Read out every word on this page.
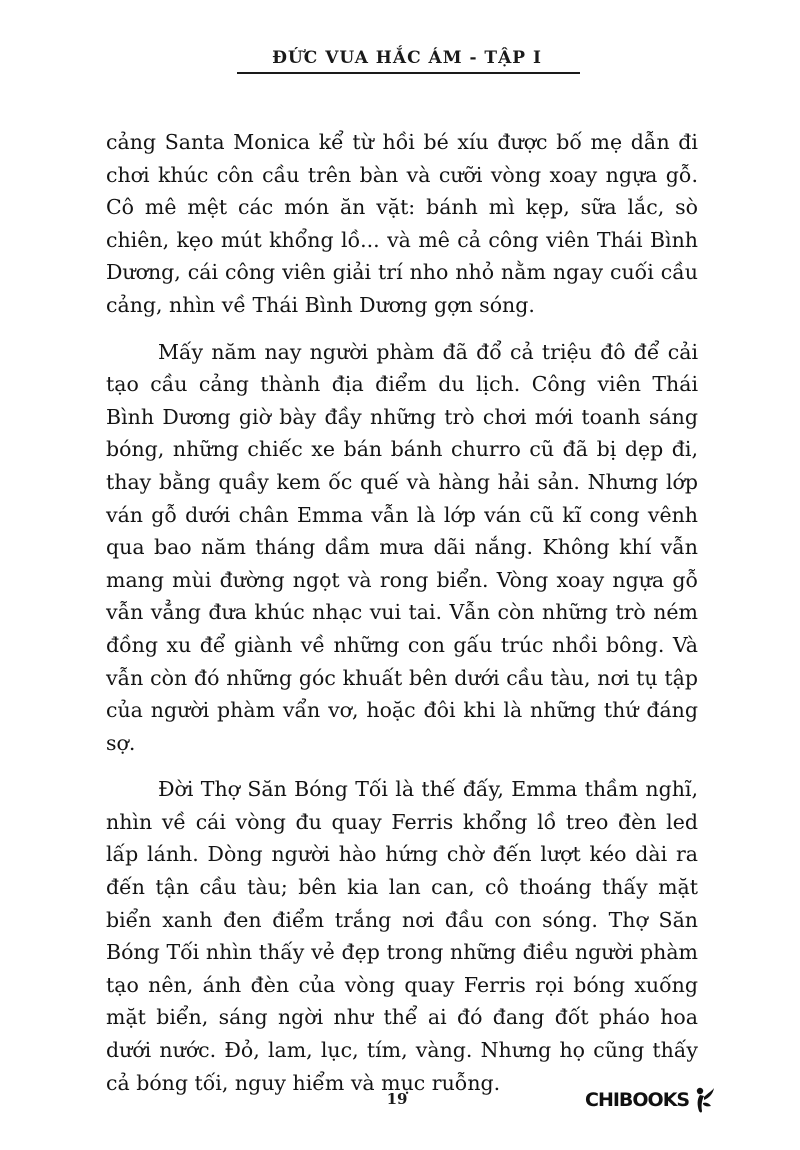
ĐỨC VUA HẮC ÁM - TẬP I

cảng Santa Monica kể từ hồi bé xíu được bố mẹ dẫn đi chơi khúc côn cầu trên bàn và cưỡi vòng xoay ngựa gỗ. Cô mê mệt các món ăn vặt: bánh mì kẹp, sữa lắc, sò chiên, kẹo mút khổng lồ... và mê cả công viên Thái Bình Dương, cái công viên giải trí nho nhỏ nằm ngay cuối cầu cảng, nhìn về Thái Bình Dương gợn sóng.

Mấy năm nay người phàm đã đổ cả triệu đô để cải tạo cầu cảng thành địa điểm du lịch. Công viên Thái Bình Dương giờ bày đầy những trò chơi mới toanh sáng bóng, những chiếc xe bán bánh churro cũ đã bị dẹp đi, thay bằng quầy kem ốc quế và hàng hải sản. Nhưng lớp ván gỗ dưới chân Emma vẫn là lớp ván cũ kĩ cong vênh qua bao năm tháng dầm mưa dãi nắng. Không khí vẫn mang mùi đường ngọt và rong biển. Vòng xoay ngựa gỗ vẫn vẳng đưa khúc nhạc vui tai. Vẫn còn những trò ném đồng xu để giành về những con gấu trúc nhồi bông. Và vẫn còn đó những góc khuất bên dưới cầu tàu, nơi tụ tập của người phàm vẩn vơ, hoặc đôi khi là những thứ đáng sợ.

Đời Thợ Săn Bóng Tối là thế đấy, Emma thầm nghĩ, nhìn về cái vòng đu quay Ferris khổng lồ treo đèn led lấp lánh. Dòng người hào hứng chờ đến lượt kéo dài ra đến tận cầu tàu; bên kia lan can, cô thoáng thấy mặt biển xanh đen điểm trắng nơi đầu con sóng. Thợ Săn Bóng Tối nhìn thấy vẻ đẹp trong những điều người phàm tạo nên, ánh đèn của vòng quay Ferris rọi bóng xuống mặt biển, sáng ngời như thể ai đó đang đốt pháo hoa dưới nước. Đỏ, lam, lục, tím, vàng. Nhưng họ cũng thấy cả bóng tối, nguy hiểm và mục ruỗng.

19	CHIBOOKS
